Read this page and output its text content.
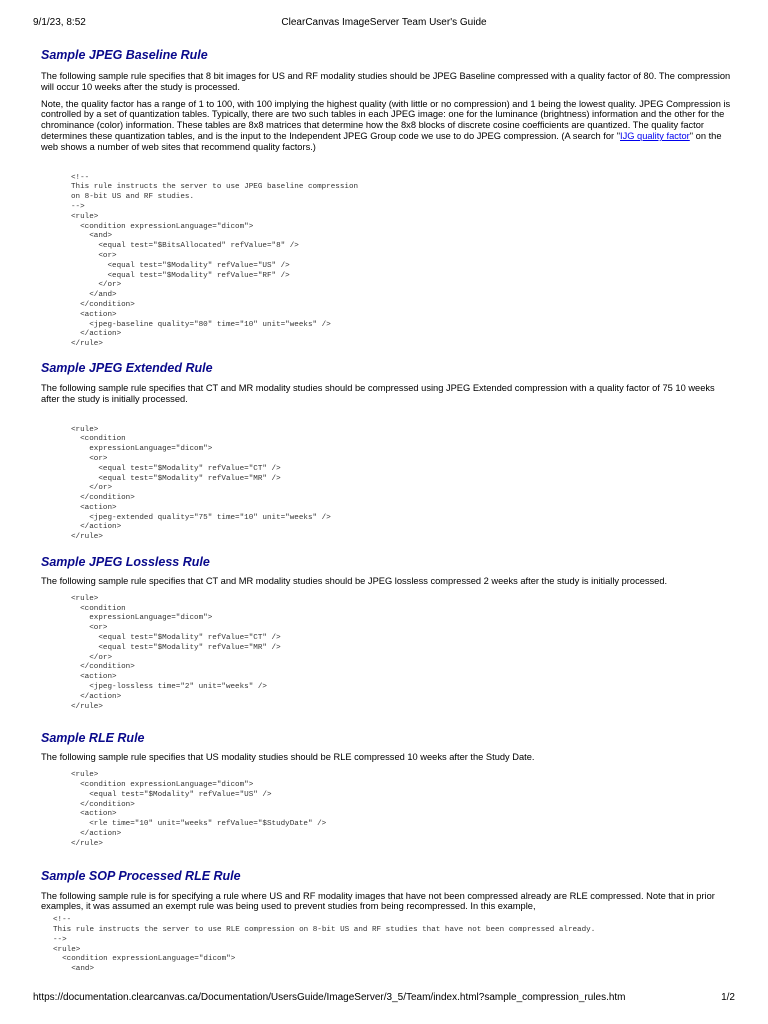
9/1/23, 8:52	ClearCanvas ImageServer Team User's Guide
Sample JPEG Baseline Rule

The following sample rule specifies that 8 bit images for US and RF modality studies should be JPEG Baseline compressed with a quality factor of 80. The compression will occur 10 weeks after the study is processed.

Note, the quality factor has a range of 1 to 100, with 100 implying the highest quality (with little or no compression) and 1 being the lowest quality. JPEG Compression is controlled by a set of quantization tables. Typically, there are two such tables in each JPEG image: one for the luminance (brightness) information and the other for the chrominance (color) information. These tables are 8x8 matrices that determine how the 8x8 blocks of discrete cosine coefficients are quantized. The quality factor determines these quantization tables, and is the input to the Independent JPEG Group code we use to do JPEG compression. (A search for "IJG quality factor" on the web shows a number of web sites that recommend quality factors.)

<!--
This rule instructs the server to use JPEG baseline compression
on 8-bit US and RF studies.
-->
<rule>
<condition expressionLanguage="dicom">
<and>
<equal test="$BitsAllocated" refValue="8" />
<or>
<equal test="$Modality" refValue="US" />
<equal test="$Modality" refValue="RF" />
</or>
</and>
</condition>
<action>
<jpeg-baseline quality="80" time="10" unit="weeks" />
</action>
</rule>
Sample JPEG Extended Rule

The following sample rule specifies that CT and MR modality studies should be compressed using JPEG Extended compression with a quality factor of 75 10 weeks after the study is initially processed.

<rule>
<condition
expressionLanguage="dicom">
<or>
<equal test="$Modality" refValue="CT" />
<equal test="$Modality" refValue="MR" />
</or>
</condition>
<action>
<jpeg-extended quality="75" time="10" unit="weeks" />
</action>
</rule>
Sample JPEG Lossless Rule

The following sample rule specifies that CT and MR modality studies should be JPEG lossless compressed 2 weeks after the study is initially processed.

<rule>
<condition
expressionLanguage="dicom">
<or>
<equal test="$Modality" refValue="CT" />
<equal test="$Modality" refValue="MR" />
</or>
</condition>
<action>
<jpeg-lossless time="2" unit="weeks" />
</action>
</rule>
Sample RLE Rule

The following sample rule specifies that US modality studies should be RLE compressed 10 weeks after the Study Date.

<rule>
<condition expressionLanguage="dicom">
<equal test="$Modality" refValue="US" />
</condition>
<action>
<rle time="10" unit="weeks" refValue="$StudyDate" />
</action>
</rule>
Sample SOP Processed RLE Rule

The following sample rule is for specifying a rule where US and RF modality images that have not been compressed already are RLE compressed. Note that in prior examples, it was assumed an exempt rule was being used to prevent studies from being recompressed. In this example,

<!--
This rule instructs the server to use RLE compression on 8-bit US and RF studies that have not been compressed already.
-->
<rule>
<condition expressionLanguage="dicom">
<and>
https://documentation.clearcanvas.ca/Documentation/UsersGuide/ImageServer/3_5/Team/index.html?sample_compression_rules.htm	1/2
